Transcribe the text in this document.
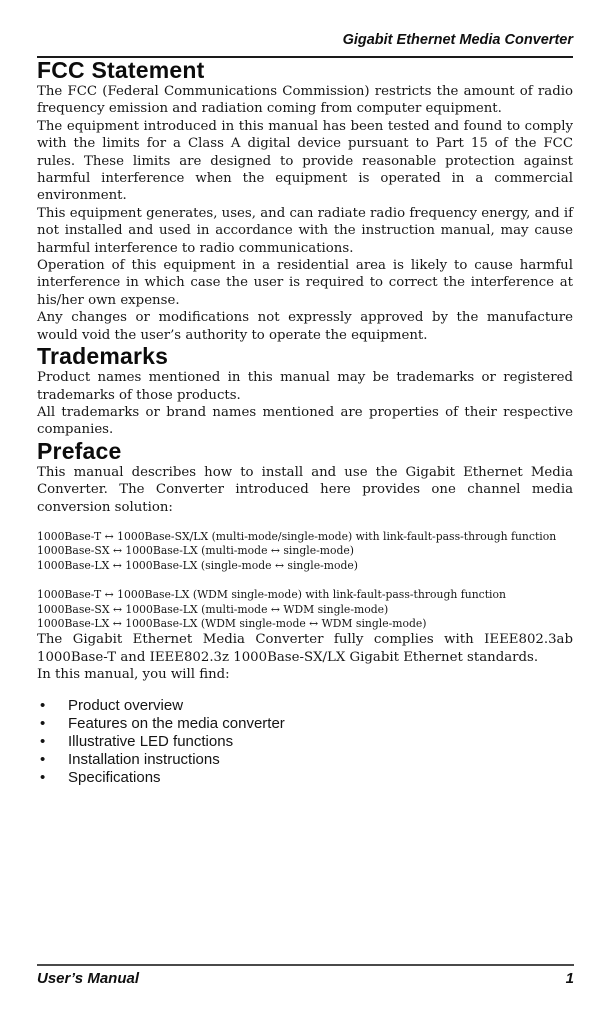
Gigabit Ethernet Media Converter
FCC Statement

The FCC (Federal Communications Commission) restricts the amount of radio frequency emission and radiation coming from computer equipment.

The equipment introduced in this manual has been tested and found to comply with the limits for a Class A digital device pursuant to Part 15 of the FCC rules. These limits are designed to provide reasonable protection against harmful interference when the equipment is operated in a commercial environment.

This equipment generates, uses, and can radiate radio frequency energy, and if not installed and used in accordance with the instruction manual, may cause harmful interference to radio communications.

Operation of this equipment in a residential area is likely to cause harmful interference in which case the user is required to correct the interference at his/her own expense.

Any changes or modifications not expressly approved by the manufacture would void the user’s authority to operate the equipment.

Trademarks

Product names mentioned in this manual may be trademarks or registered trademarks of those products.

All trademarks or brand names mentioned are properties of their respective companies.

Preface

This manual describes how to install and use the Gigabit Ethernet Media Converter. The Converter introduced here provides one channel media conversion solution:

1000Base-T ↔ 1000Base-SX/LX (multi-mode/single-mode) with link-fault-pass-through function
1000Base-SX ↔ 1000Base-LX (multi-mode ↔ single-mode)
1000Base-LX ↔ 1000Base-LX (single-mode ↔ single-mode)
1000Base-T ↔ 1000Base-LX (WDM single-mode) with link-fault-pass-through function
1000Base-SX ↔ 1000Base-LX (multi-mode ↔ WDM single-mode)
1000Base-LX ↔ 1000Base-LX (WDM single-mode ↔ WDM single-mode)

The Gigabit Ethernet Media Converter fully complies with IEEE802.3ab 1000Base-T and IEEE802.3z 1000Base-SX/LX Gigabit Ethernet standards.

In this manual, you will find:

•	Product overview
•	Features on the media converter
•	Illustrative LED functions
•	Installation instructions
•	Specifications
User’s Manual	1
